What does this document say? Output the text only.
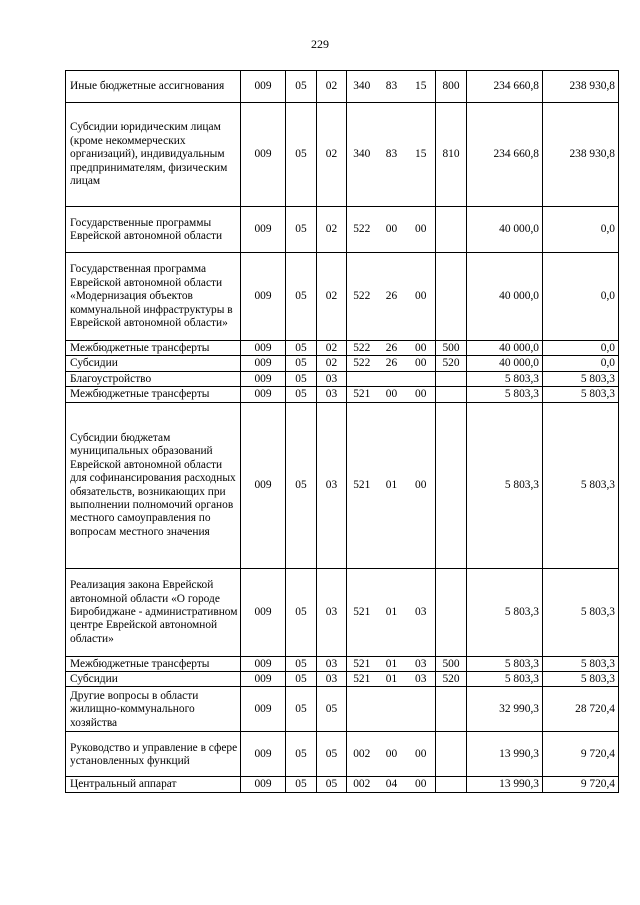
229
Иные бюджетные ассигнования	009	05	02	340	83	15	800	234 660,8	238 930,8
Субсидии юридическим лицам (кроме некоммерческих организаций), индивидуальным предпринимателям, физическим лицам	009	05	02	340	83	15	810	234 660,8	238 930,8
Государственные программы Еврейской автономной области	009	05	02	522	00	00		40 000,0	0,0
Государственная программа Еврейской автономной области «Модернизация объектов коммунальной инфраструктуры в Еврейской автономной области»	009	05	02	522	26	00		40 000,0	0,0
Межбюджетные трансферты	009	05	02	522	26	00	500	40 000,0	0,0
Субсидии	009	05	02	522	26	00	520	40 000,0	0,0
Благоустройство	009	05	03					5 803,3	5 803,3
Межбюджетные трансферты	009	05	03	521	00	00		5 803,3	5 803,3
Субсидии бюджетам муниципальных образований Еврейской автономной области для софинансирования расходных обязательств, возникающих при выполнении полномочий органов местного самоуправления по вопросам местного значения	009	05	03	521	01	00		5 803,3	5 803,3
Реализация закона Еврейской автономной области «О городе Биробиджане - административном центре Еврейской автономной области»	009	05	03	521	01	03		5 803,3	5 803,3
Межбюджетные трансферты	009	05	03	521	01	03	500	5 803,3	5 803,3
Субсидии	009	05	03	521	01	03	520	5 803,3	5 803,3
Другие вопросы в области жилищно-коммунального хозяйства	009	05	05					32 990,3	28 720,4
Руководство и управление в сфере установленных функций	009	05	05	002	00	00		13 990,3	9 720,4
Центральный аппарат	009	05	05	002	04	00		13 990,3	9 720,4
